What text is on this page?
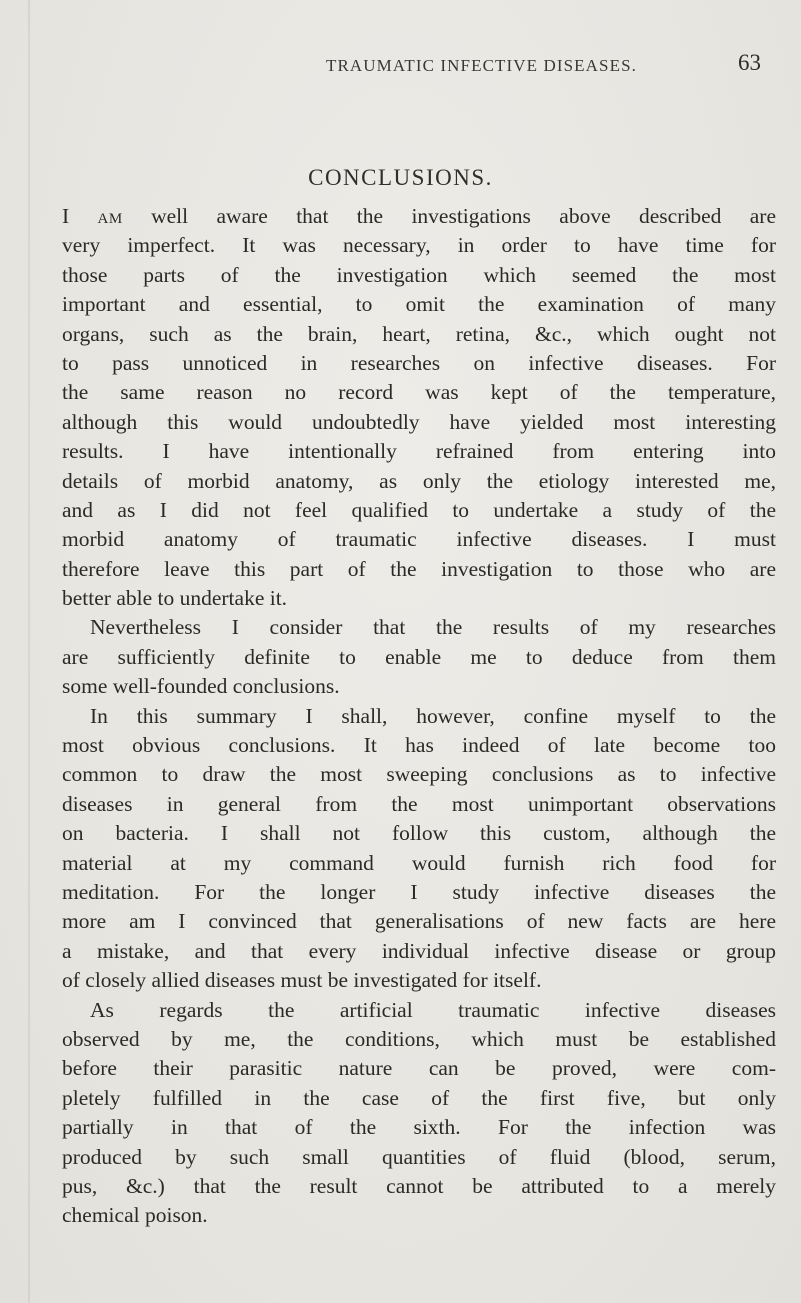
TRAUMATIC INFECTIVE DISEASES.	63
CONCLUSIONS.
I am well aware that the investigations above described are
very imperfect. It was necessary, in order to have time for
those parts of the investigation which seemed the most
important and essential, to omit the examination of many
organs, such as the brain, heart, retina, &c., which ought not
to pass unnoticed in researches on infective diseases. For
the same reason no record was kept of the temperature,
although this would undoubtedly have yielded most interesting
results. I have intentionally refrained from entering into
details of morbid anatomy, as only the etiology interested me,
and as I did not feel qualified to undertake a study of the
morbid anatomy of traumatic infective diseases. I must
therefore leave this part of the investigation to those who are
better able to undertake it.
Nevertheless I consider that the results of my researches
are sufficiently definite to enable me to deduce from them
some well-founded conclusions.
In this summary I shall, however, confine myself to the
most obvious conclusions. It has indeed of late become too
common to draw the most sweeping conclusions as to infective
diseases in general from the most unimportant observations
on bacteria. I shall not follow this custom, although the
material at my command would furnish rich food for
meditation. For the longer I study infective diseases the
more am I convinced that generalisations of new facts are here
a mistake, and that every individual infective disease or group
of closely allied diseases must be investigated for itself.
As regards the artificial traumatic infective diseases
observed by me, the conditions, which must be established
before their parasitic nature can be proved, were com-
pletely fulfilled in the case of the first five, but only
partially in that of the sixth. For the infection was
produced by such small quantities of fluid (blood, serum,
pus, &c.) that the result cannot be attributed to a merely
chemical poison.
